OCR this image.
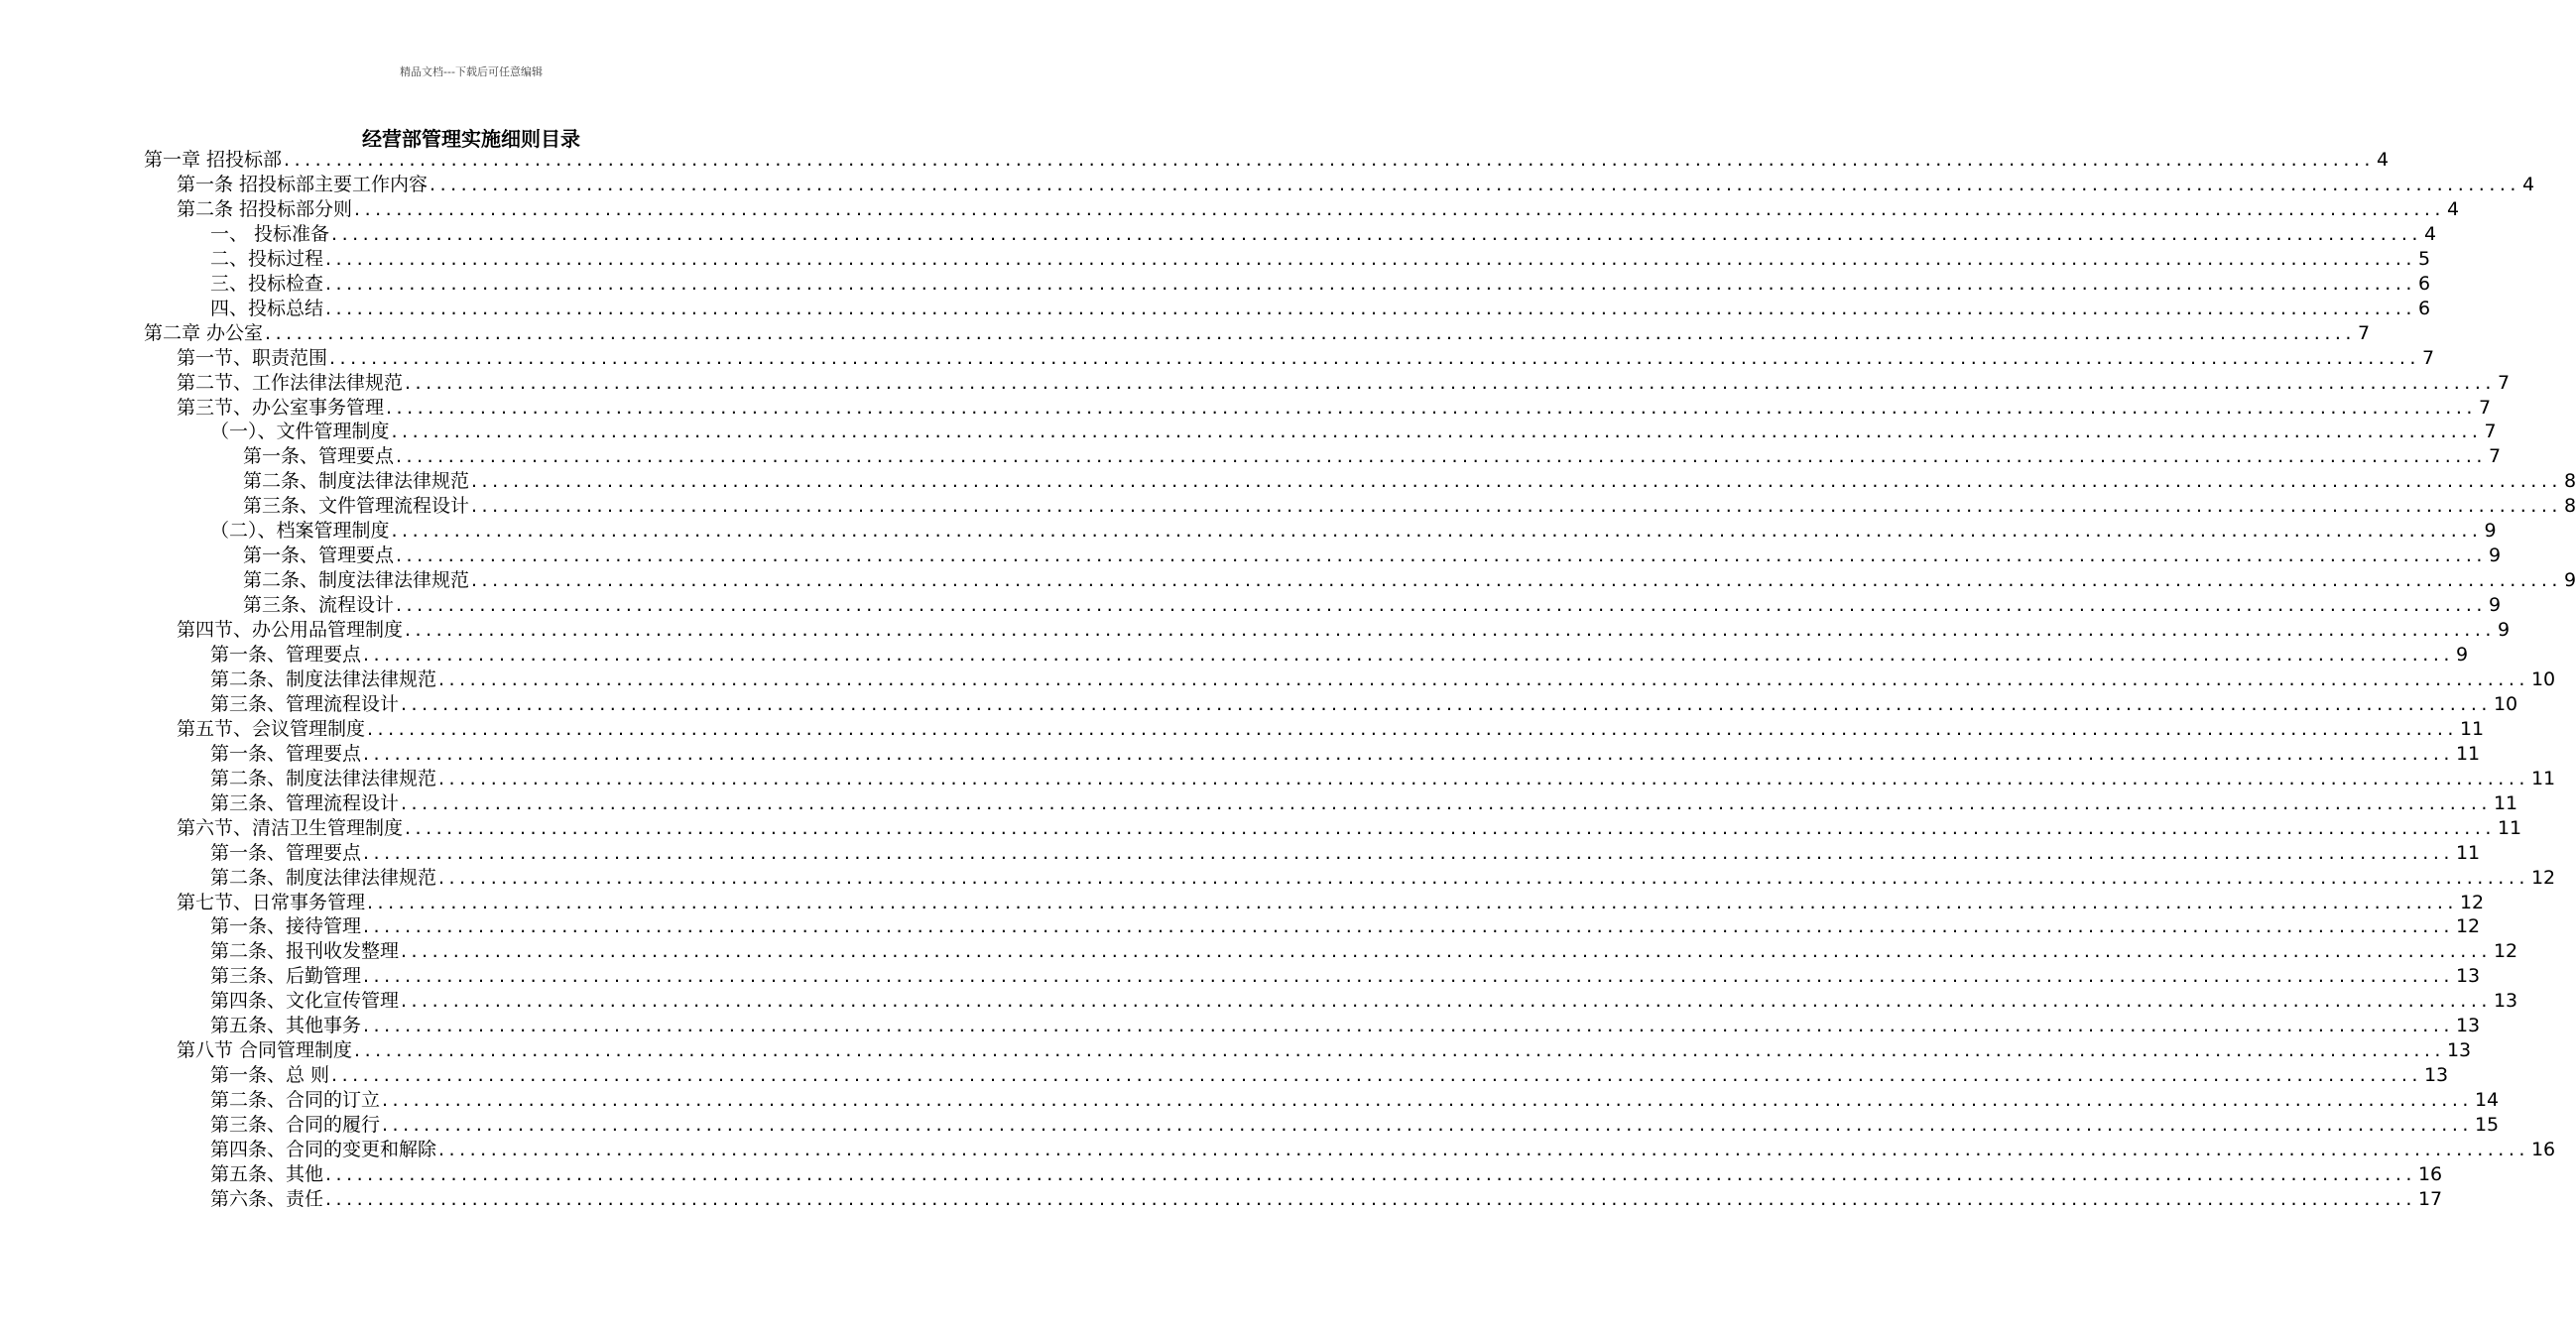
精品文档---下载后可任意编辑
经营部管理实施细则目录
第一章 招投标部 ........................................................................................................................................................................................................ 4
第一条 招投标部主要工作内容 ........................................................................................................................................................................................................ 4
第二条 招投标部分则 ........................................................................................................................................................................................................ 4
一、 投标准备 ........................................................................................................................................................................................................ 4
二、投标过程 ........................................................................................................................................................................................................ 5
三、投标检查 ........................................................................................................................................................................................................ 6
四、投标总结 ........................................................................................................................................................................................................ 6
第二章 办公室 ........................................................................................................................................................................................................ 7
第一节、职责范围 ........................................................................................................................................................................................................ 7
第二节、工作法律法律规范 ........................................................................................................................................................................................................ 7
第三节、办公室事务管理 ........................................................................................................................................................................................................ 7
（一）、文件管理制度 ........................................................................................................................................................................................................ 7
第一条、管理要点 ........................................................................................................................................................................................................ 7
第二条、制度法律法律规范 ........................................................................................................................................................................................................ 8
第三条、文件管理流程设计 ........................................................................................................................................................................................................ 8
（二）、档案管理制度 ........................................................................................................................................................................................................ 9
第一条、管理要点 ........................................................................................................................................................................................................ 9
第二条、制度法律法律规范 ........................................................................................................................................................................................................ 9
第三条、流程设计 ........................................................................................................................................................................................................ 9
第四节、办公用品管理制度 ........................................................................................................................................................................................................ 9
第一条、管理要点 ........................................................................................................................................................................................................ 9
第二条、制度法律法律规范 ........................................................................................................................................................................................................ 10
第三条、管理流程设计 ........................................................................................................................................................................................................ 10
第五节、会议管理制度 ........................................................................................................................................................................................................ 11
第一条、管理要点 ........................................................................................................................................................................................................ 11
第二条、制度法律法律规范 ........................................................................................................................................................................................................ 11
第三条、管理流程设计 ........................................................................................................................................................................................................ 11
第六节、清洁卫生管理制度 ........................................................................................................................................................................................................ 11
第一条、管理要点 ........................................................................................................................................................................................................ 11
第二条、制度法律法律规范 ........................................................................................................................................................................................................ 12
第七节、日常事务管理 ........................................................................................................................................................................................................ 12
第一条、接待管理 ........................................................................................................................................................................................................ 12
第二条、报刊收发整理 ........................................................................................................................................................................................................ 12
第三条、后勤管理 ........................................................................................................................................................................................................ 13
第四条、文化宣传管理 ........................................................................................................................................................................................................ 13
第五条、其他事务 ........................................................................................................................................................................................................ 13
第八节 合同管理制度 ........................................................................................................................................................................................................ 13
第一条、总 则 ........................................................................................................................................................................................................ 13
第二条、合同的订立 ........................................................................................................................................................................................................ 14
第三条、合同的履行 ........................................................................................................................................................................................................ 15
第四条、合同的变更和解除 ........................................................................................................................................................................................................ 16
第五条、其他 ........................................................................................................................................................................................................ 16
第六条、责任 ........................................................................................................................................................................................................ 17
